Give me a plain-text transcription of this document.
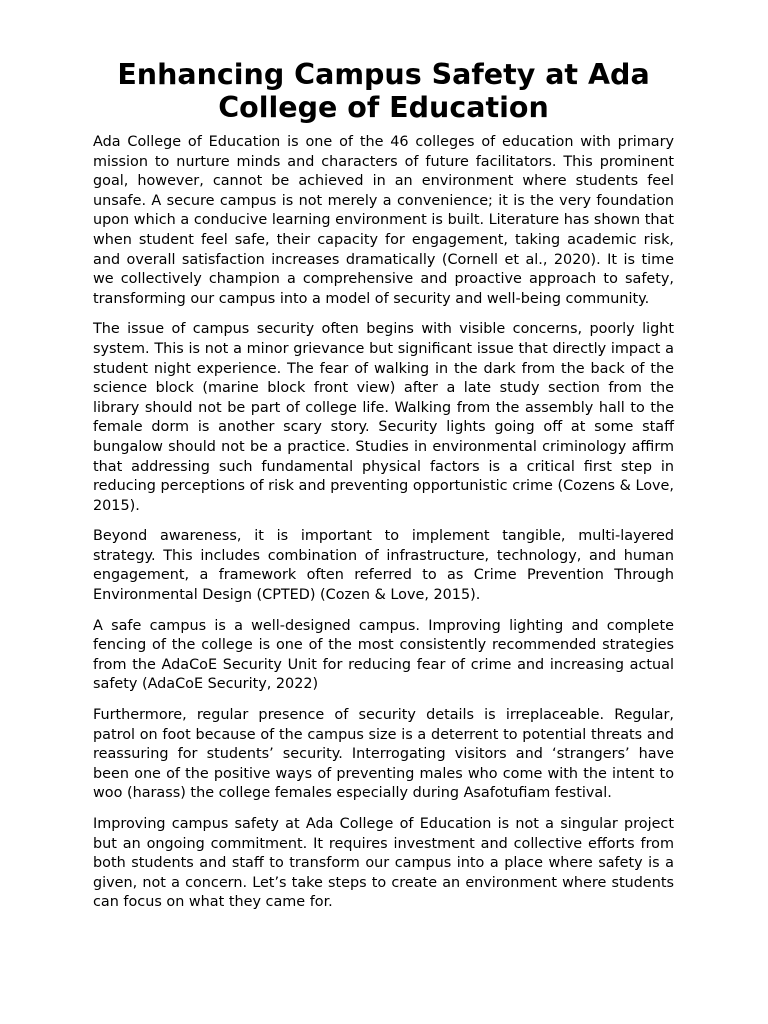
Enhancing Campus Safety at Ada College of Education

Ada College of Education is one of the 46 colleges of education with primary mission to nurture minds and characters of future facilitators. This prominent goal, however, cannot be achieved in an environment where students feel unsafe. A secure campus is not merely a convenience; it is the very foundation upon which a conducive learning environment is built. Literature has shown that when student feel safe, their capacity for engagement, taking academic risk, and overall satisfaction increases dramatically (Cornell et al., 2020). It is time we collectively champion a comprehensive and proactive approach to safety, transforming our campus into a model of security and well-being community.

The issue of campus security often begins with visible concerns, poorly light system. This is not a minor grievance but significant issue that directly impact a student night experience. The fear of walking in the dark from the back of the science block (marine block front view) after a late study section from the library should not be part of college life. Walking from the assembly hall to the female dorm is another scary story. Security lights going off at some staff bungalow should not be a practice. Studies in environmental criminology affirm that addressing such fundamental physical factors is a critical first step in reducing perceptions of risk and preventing opportunistic crime (Cozens & Love, 2015).

Beyond awareness, it is important to implement tangible, multi-layered strategy. This includes combination of infrastructure, technology, and human engagement, a framework often referred to as Crime Prevention Through Environmental Design (CPTED) (Cozen & Love, 2015).

A safe campus is a well-designed campus. Improving lighting and complete fencing of the college is one of the most consistently recommended strategies from the AdaCoE Security Unit for reducing fear of crime and increasing actual safety (AdaCoE Security, 2022)

Furthermore, regular presence of security details is irreplaceable. Regular, patrol on foot because of the campus size is a deterrent to potential threats and reassuring for students’ security. Interrogating visitors and ‘strangers’ have been one of the positive ways of preventing males who come with the intent to woo (harass) the college females especially during Asafotufiam festival.

Improving campus safety at Ada College of Education is not a singular project but an ongoing commitment. It requires investment and collective efforts from both students and staff to transform our campus into a place where safety is a given, not a concern. Let’s take steps to create an environment where students can focus on what they came for.
